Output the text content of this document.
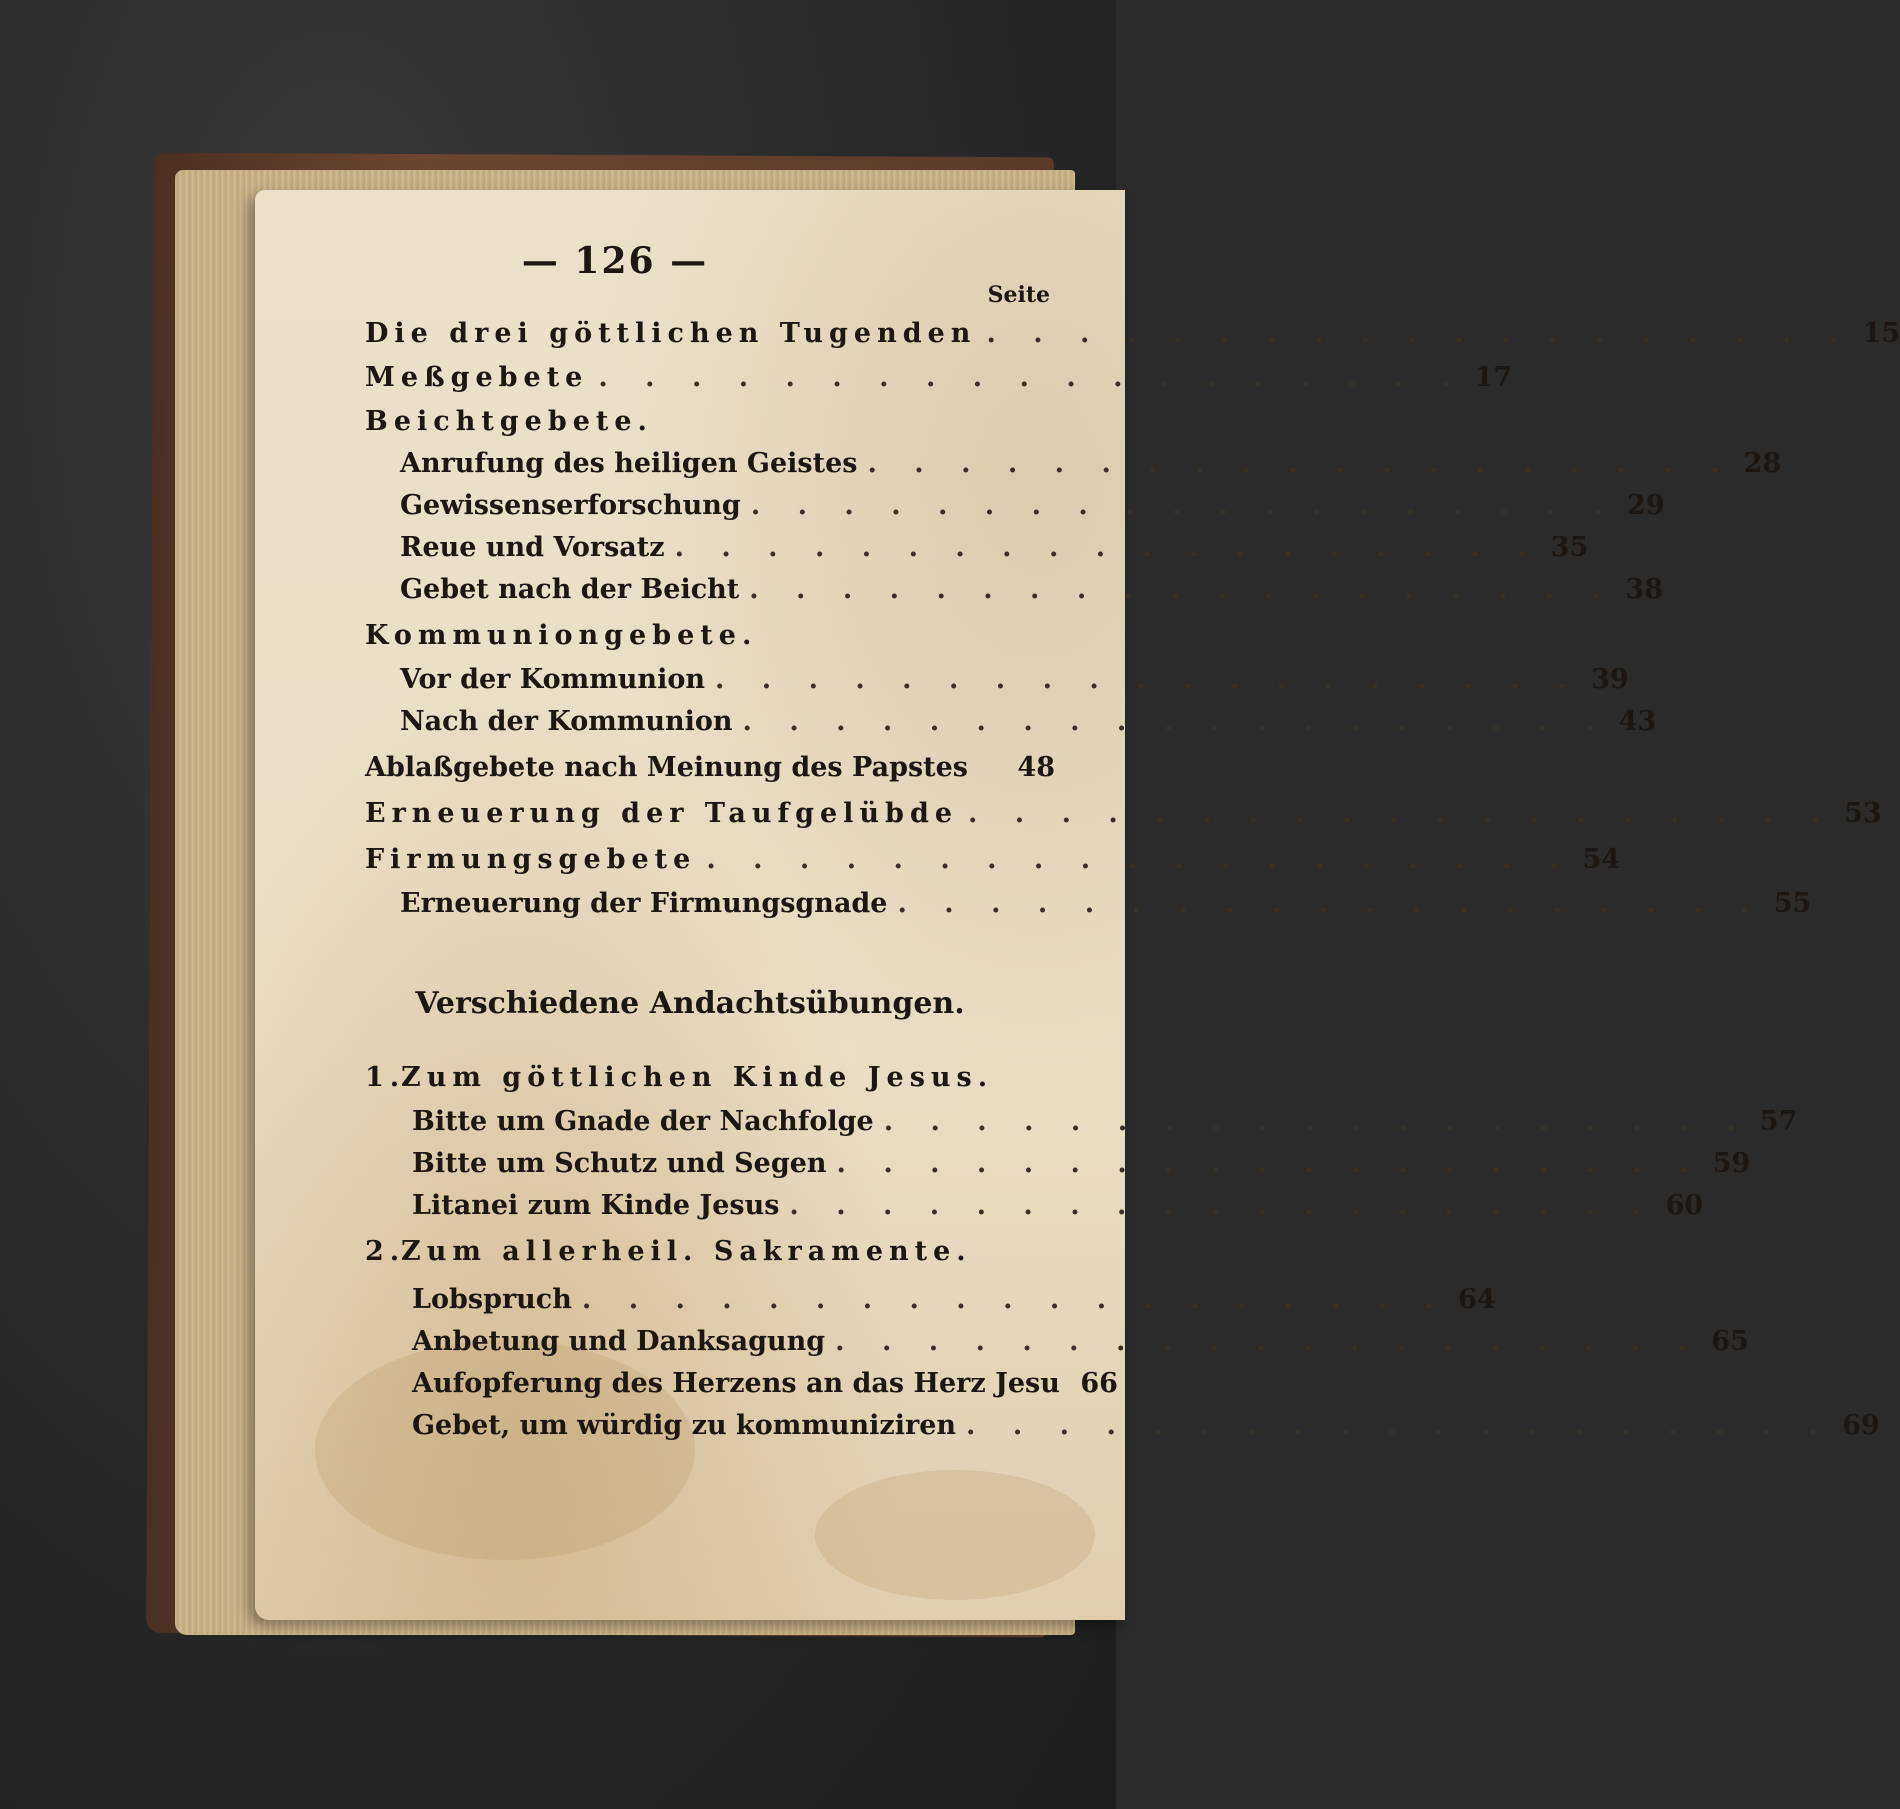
— 126 —
Seite
Die drei göttlichen Tugenden . . . . . . . . . . . . . . . . . . . 15
Meßgebete . . . . . . . . . . . . . . . . . . . 17
Beichtgebete.
Anrufung des heiligen Geistes . . . . . . . . . . . . . . . . . . . 28
Gewissenserforschung . . . . . . . . . . . . . . . . . . . 29
Reue und Vorsatz . . . . . . . . . . . . . . . . . . . 35
Gebet nach der Beicht . . . . . . . . . . . . . . . . . . . 38
Kommuniongebete.
Vor der Kommunion . . . . . . . . . . . . . . . . . . . 39
Nach der Kommunion . . . . . . . . . . . . . . . . . . . 43
Ablaßgebete nach Meinung des Papstes 48
Erneuerung der Taufgelübde . . . . . . . . . . . . . . . . . . . 53
Firmungsgebete . . . . . . . . . . . . . . . . . . . 54
Erneuerung der Firmungsgnade . . . . . . . . . . . . . . . . . . . 55
Verschiedene Andachtsübungen.
1.
Zum göttlichen Kinde Jesus.
Bitte um Gnade der Nachfolge . . . . . . . . . . . . . . . . . . . 57
Bitte um Schutz und Segen . . . . . . . . . . . . . . . . . . . 59
Litanei zum Kinde Jesus . . . . . . . . . . . . . . . . . . . 60
2.
Zum allerheil. Sakramente.
Lobspruch . . . . . . . . . . . . . . . . . . . 64
Anbetung und Danksagung . . . . . . . . . . . . . . . . . . . 65
Aufopferung des Herzens an das Herz Jesu 66
Gebet, um würdig zu kommuniziren . . . . . . . . . . . . . . . . . . . 69
